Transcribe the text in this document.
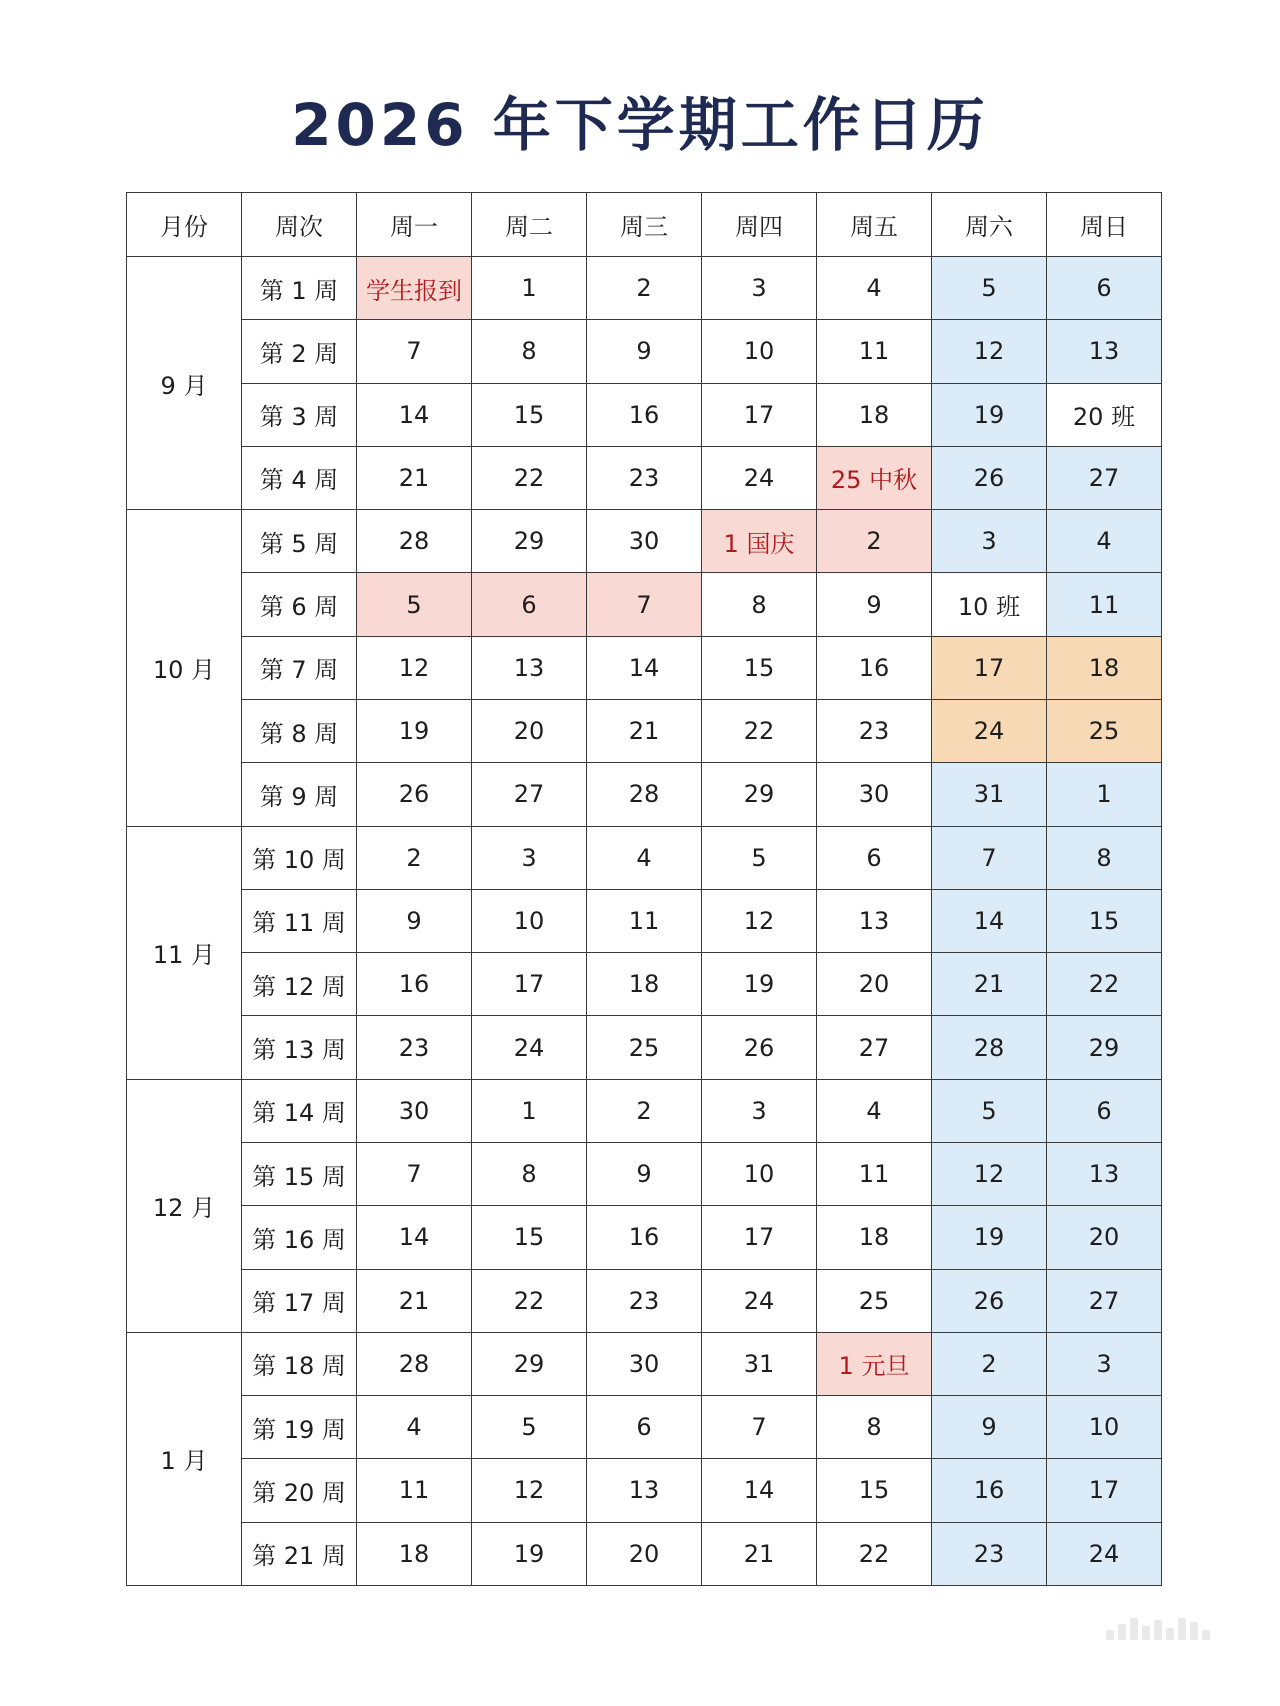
2026 年下学期工作日历
月份	周次	周一	周二	周三	周四	周五	周六	周日
9 月	第 1 周	学生报到	1	2	3	4	5	6
	第 2 周	7	8	9	10	11	12	13
	第 3 周	14	15	16	17	18	19	20 班
	第 4 周	21	22	23	24	25 中秋	26	27
10 月	第 5 周	28	29	30	1 国庆	2	3	4
	第 6 周	5	6	7	8	9	10 班	11
	第 7 周	12	13	14	15	16	17	18
	第 8 周	19	20	21	22	23	24	25
	第 9 周	26	27	28	29	30	31	1
11 月	第 10 周	2	3	4	5	6	7	8
	第 11 周	9	10	11	12	13	14	15
	第 12 周	16	17	18	19	20	21	22
	第 13 周	23	24	25	26	27	28	29
12 月	第 14 周	30	1	2	3	4	5	6
	第 15 周	7	8	9	10	11	12	13
	第 16 周	14	15	16	17	18	19	20
	第 17 周	21	22	23	24	25	26	27
1 月	第 18 周	28	29	30	31	1 元旦	2	3
	第 19 周	4	5	6	7	8	9	10
	第 20 周	11	12	13	14	15	16	17
	第 21 周	18	19	20	21	22	23	24
